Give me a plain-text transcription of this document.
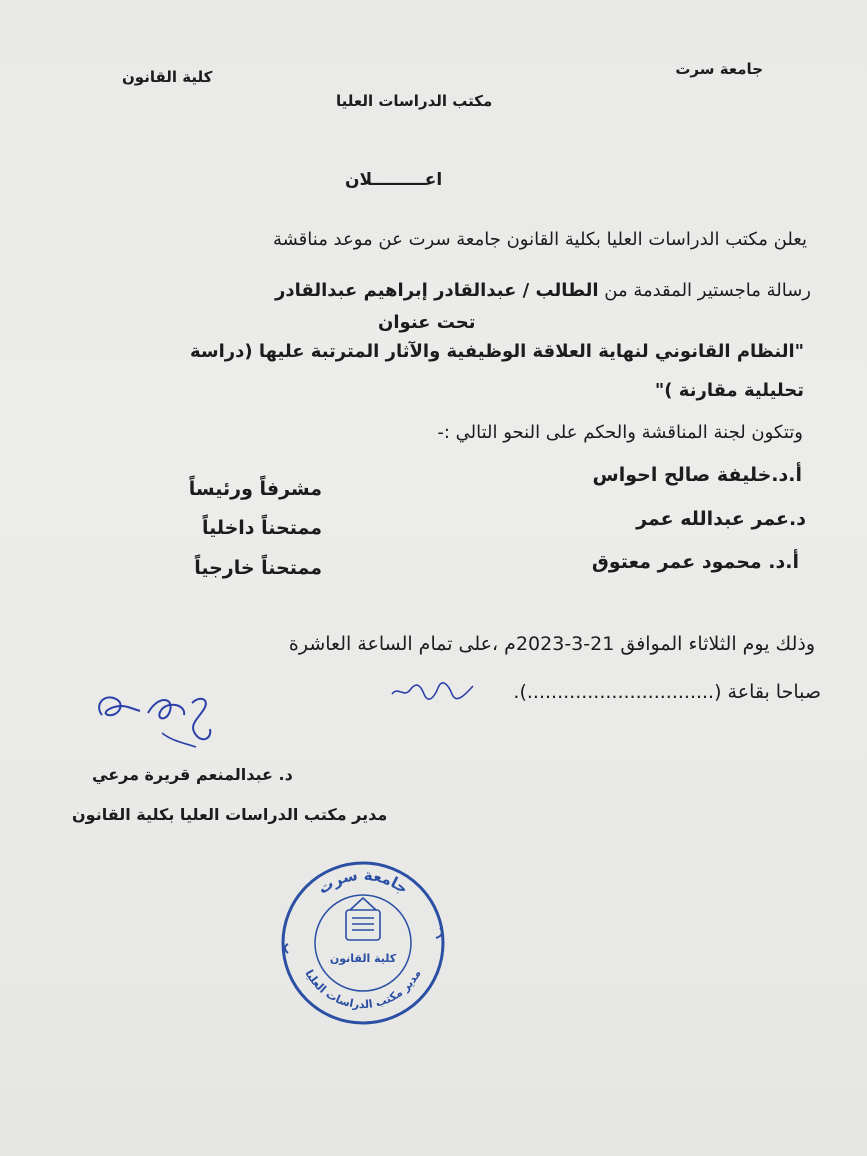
جامعة سرت
كلية القانون
مكتب الدراسات العليا
اعـــــــــلان
يعلن مكتب الدراسات العليا بكلية القانون جامعة سرت عن موعد مناقشة
رسالة ماجستير المقدمة من الطالب / عبدالقادر إبراهيم عبدالقادر
تحت عنوان
"النظام القانوني لنهاية العلاقة الوظيفية والآثار المترتبة عليها (دراسة
تحليلية مقارنة )"
وتتكون لجنة المناقشة والحكم على النحو التالي :-
أ.د.خليفة صالح احواس
مشرفاً ورئيساً
د.عمر عبدالله عمر
ممتحناً داخلياً
أ.د. محمود عمر معتوق
ممتحناً خارجياً
وذلك يوم الثلاثاء الموافق 21-3-2023م ،على تمام الساعة العاشرة
صباحا بقاعة (...............................).
د. عبدالمنعم قريرة مرعي
مدير مكتب الدراسات العليا بكلية القانون
جامعة سرت
مدير مكتب الدراسات العليا
كلية القانون
